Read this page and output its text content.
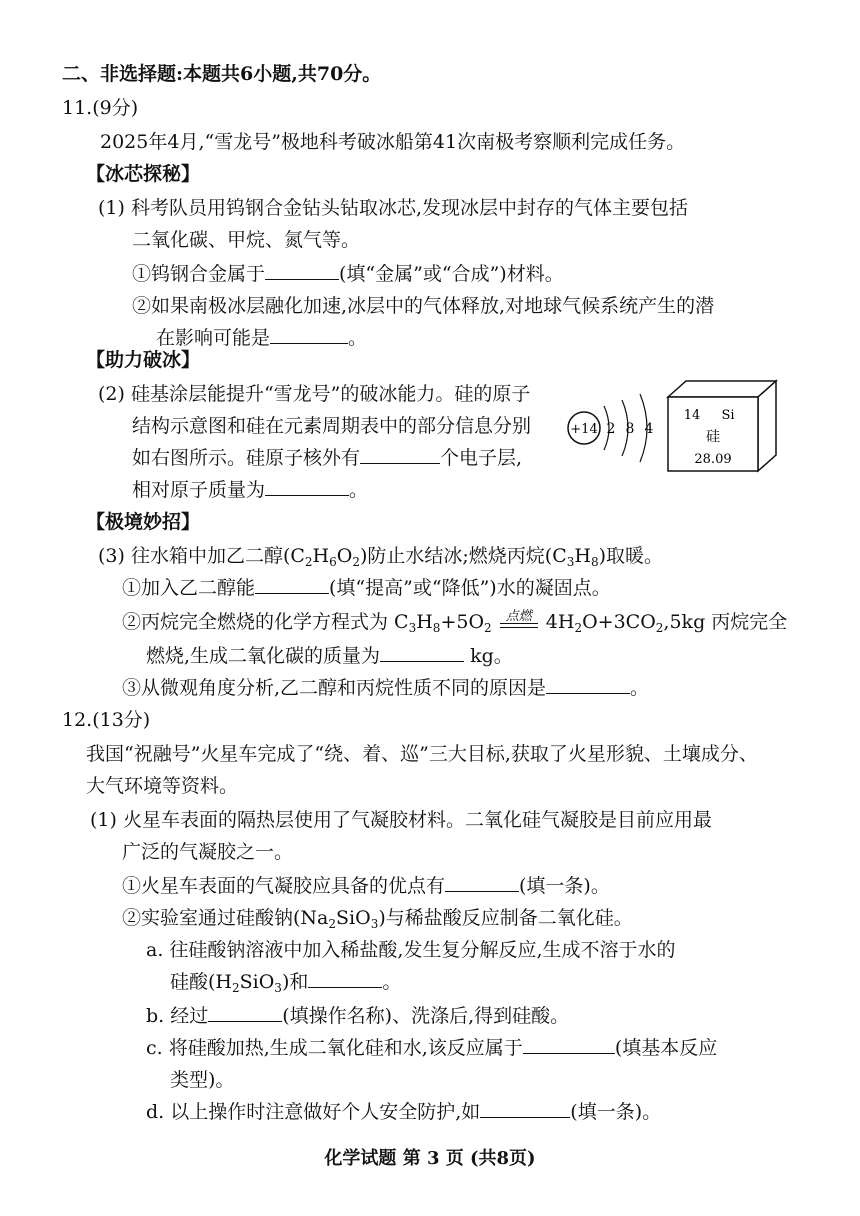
二、非选择题:本题共6小题,共70分。
11.(9分)
2025年4月,“雪龙号”极地科考破冰船第41次南极考察顺利完成任务。
【冰芯探秘】
(1) 科考队员用钨钢合金钻头钻取冰芯,发现冰层中封存的气体主要包括
二氧化碳、甲烷、氮气等。
①钨钢合金属于	(填“金属”或“合成”)材料。
②如果南极冰层融化加速,冰层中的气体释放,对地球气候系统产生的潜
在影响可能是	。
【助力破冰】
(2) 硅基涂层能提升“雪龙号”的破冰能力。硅的原子
结构示意图和硅在元素周期表中的部分信息分别
如右图所示。硅原子核外有	个电子层,
相对原子质量为	。
+14 2 8 4
14 Si
硅
28.09
【极境妙招】
(3) 往水箱中加乙二醇$(C_2H_6O_2)$防止水结冰;燃烧丙烷$(C_3H_8)$取暖。
①加入乙二醇能	(填“提高”或“降低”)水的凝固点。
②丙烷完全燃烧的化学方程式为 $C_3H_8+5O_2$ $^{点燃}$ $4H_2O+3CO_2,5kg$ 丙烷完全
燃烧,生成二氧化碳的质量为	kg。
③从微观角度分析,乙二醇和丙烷性质不同的原因是	。
12.(13分)
我国“祝融号”火星车完成了“绕、着、巡”三大目标,获取了火星形貌、土壤成分、
大气环境等资料。
(1) 火星车表面的隔热层使用了气凝胶材料。二氧化硅气凝胶是目前应用最
广泛的气凝胶之一。
①火星车表面的气凝胶应具备的优点有	(填一条)。
②实验室通过硅酸钠$(Na_2SiO_3)$与稀盐酸反应制备二氧化硅。
a. 往硅酸钠溶液中加入稀盐酸,发生复分解反应,生成不溶于水的
硅酸$(H_2SiO_3)$和	。
b. 经过	(填操作名称)、洗涤后,得到硅酸。
c. 将硅酸加热,生成二氧化硅和水,该反应属于	(填基本反应
类型)。
d. 以上操作时注意做好个人安全防护,如	(填一条)。
化学试题 第 3 页 (共8页)
